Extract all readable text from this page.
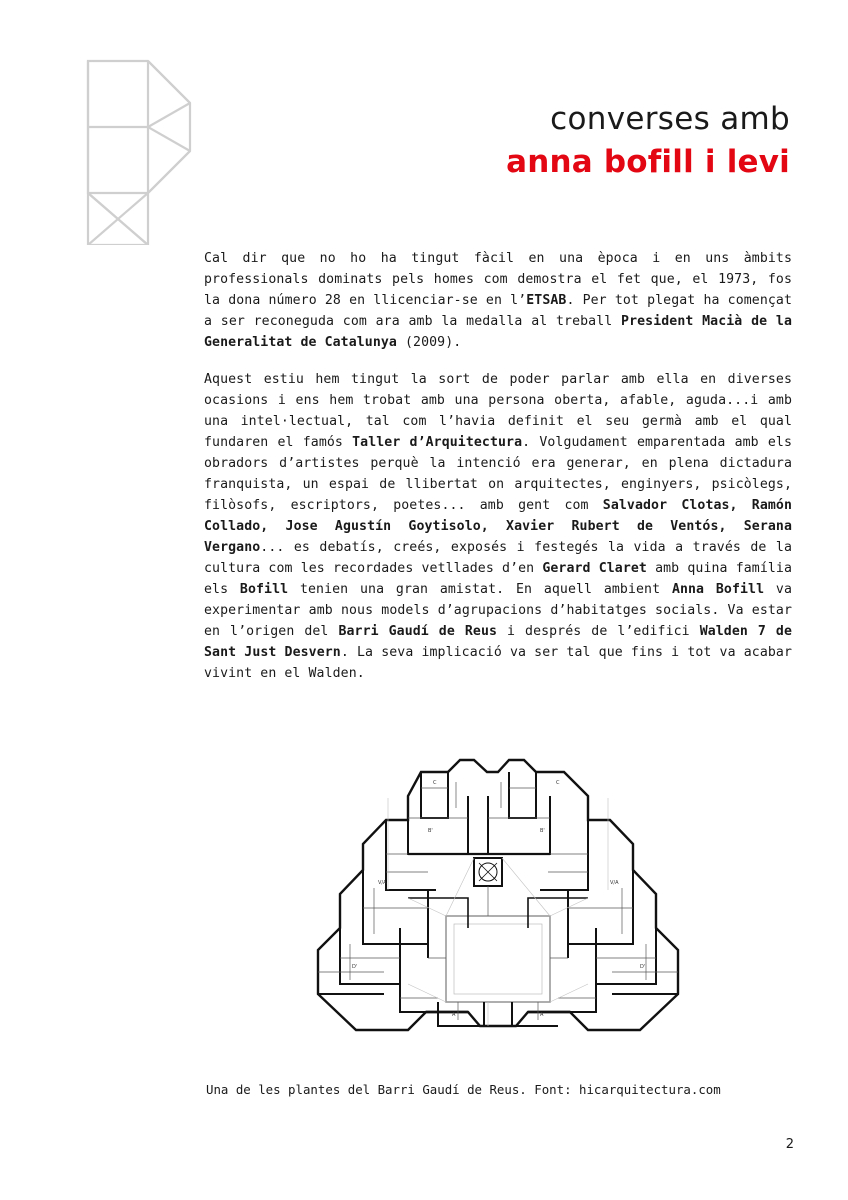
converses amb
anna bofill i levi

Cal dir que no ho ha tingut fàcil en una època i en uns àmbits professionals dominats pels homes com demostra el fet que, el 1973, fos la dona número 28 en llicenciar-se en l’ETSAB. Per tot plegat ha començat a ser reconeguda com ara amb la medalla al treball President Macià de la Generalitat de Catalunya (2009).

Aquest estiu hem tingut la sort de poder parlar amb ella en diverses ocasions i ens hem trobat amb una persona oberta, afable, aguda...i amb una intel·lectual, tal com l’havia definit el seu germà amb el qual fundaren el famós Taller d’Arquitectura. Volgudament emparentada amb els obradors d’artistes perquè la intenció era generar, en plena dictadura franquista, un espai de llibertat on arquitectes, enginyers, psicòlegs, filòsofs, escriptors, poetes... amb gent com Salvador Clotas, Ramón Collado, Jose Agustín Goytisolo, Xavier Rubert de Ventós, Serana Vergano... es debatís, creés, exposés i festegés la vida a través de la cultura com les recordades vetllades d’en Gerard Claret amb quina família els Bofill tenien una gran amistat. En aquell ambient Anna Bofill va experimentar amb nous models d’agrupacions d’habitatges socials. Va estar en l’origen del Barri Gaudí de Reus i després de l’edifici Walden 7 de Sant Just Desvern. La seva implicació va ser tal que fins i tot va acabar vivint en el Walden.

C	C
B'	B'
V/A	V/A
D'	D'
A	A
Una de les plantes del Barri Gaudí de Reus. Font: hicarquitectura.com
2
